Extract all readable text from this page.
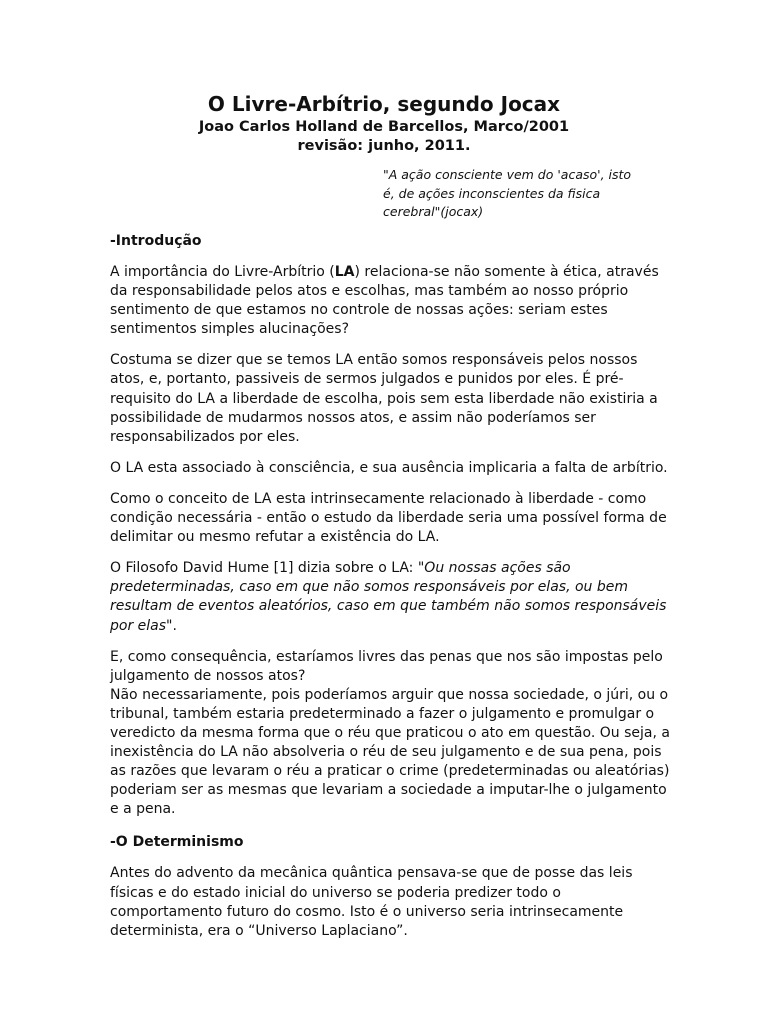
O Livre-Arbítrio, segundo Jocax

Joao Carlos Holland de Barcellos, Marco/2001

revisão: junho, 2011.

"A ação consciente vem do 'acaso', isto é, de ações inconscientes da fisica cerebral"(jocax)

-Introdução

A importância do Livre-Arbítrio (LA) relaciona-se não somente à ética, através da responsabilidade pelos atos e escolhas, mas também ao nosso próprio sentimento de que estamos no controle de nossas ações: seriam estes sentimentos simples alucinações?

Costuma se dizer que se temos LA então somos responsáveis pelos nossos atos, e, portanto, passiveis de sermos julgados e punidos por eles. É pré-requisito do LA a liberdade de escolha, pois sem esta liberdade não existiria a possibilidade de mudarmos nossos atos, e assim não poderíamos ser responsabilizados por eles.

O LA esta associado à consciência, e sua ausência implicaria a falta de arbítrio.

Como o conceito de LA esta intrinsecamente relacionado à liberdade - como condição necessária - então o estudo da liberdade seria uma possível forma de delimitar ou mesmo refutar a existência do LA.

O Filosofo David Hume [1] dizia sobre o LA: "Ou nossas ações são predeterminadas, caso em que não somos responsáveis por elas, ou bem resultam de eventos aleatórios, caso em que também não somos responsáveis por elas".

E, como consequência, estaríamos livres das penas que nos são impostas pelo julgamento de nossos atos?

Não necessariamente, pois poderíamos arguir que nossa sociedade, o júri, ou o tribunal, também estaria predeterminado a fazer o julgamento e promulgar o veredicto da mesma forma que o réu que praticou o ato em questão. Ou seja, a inexistência do LA não absolveria o réu de seu julgamento e de sua pena, pois as razões que levaram o réu a praticar o crime (predeterminadas ou aleatórias) poderiam ser as mesmas que levariam a sociedade a imputar-lhe o julgamento e a pena.

-O Determinismo

Antes do advento da mecânica quântica pensava-se que de posse das leis físicas e do estado inicial do universo se poderia predizer todo o comportamento futuro do cosmo. Isto é o universo seria intrinsecamente determinista, era o “Universo Laplaciano”.
